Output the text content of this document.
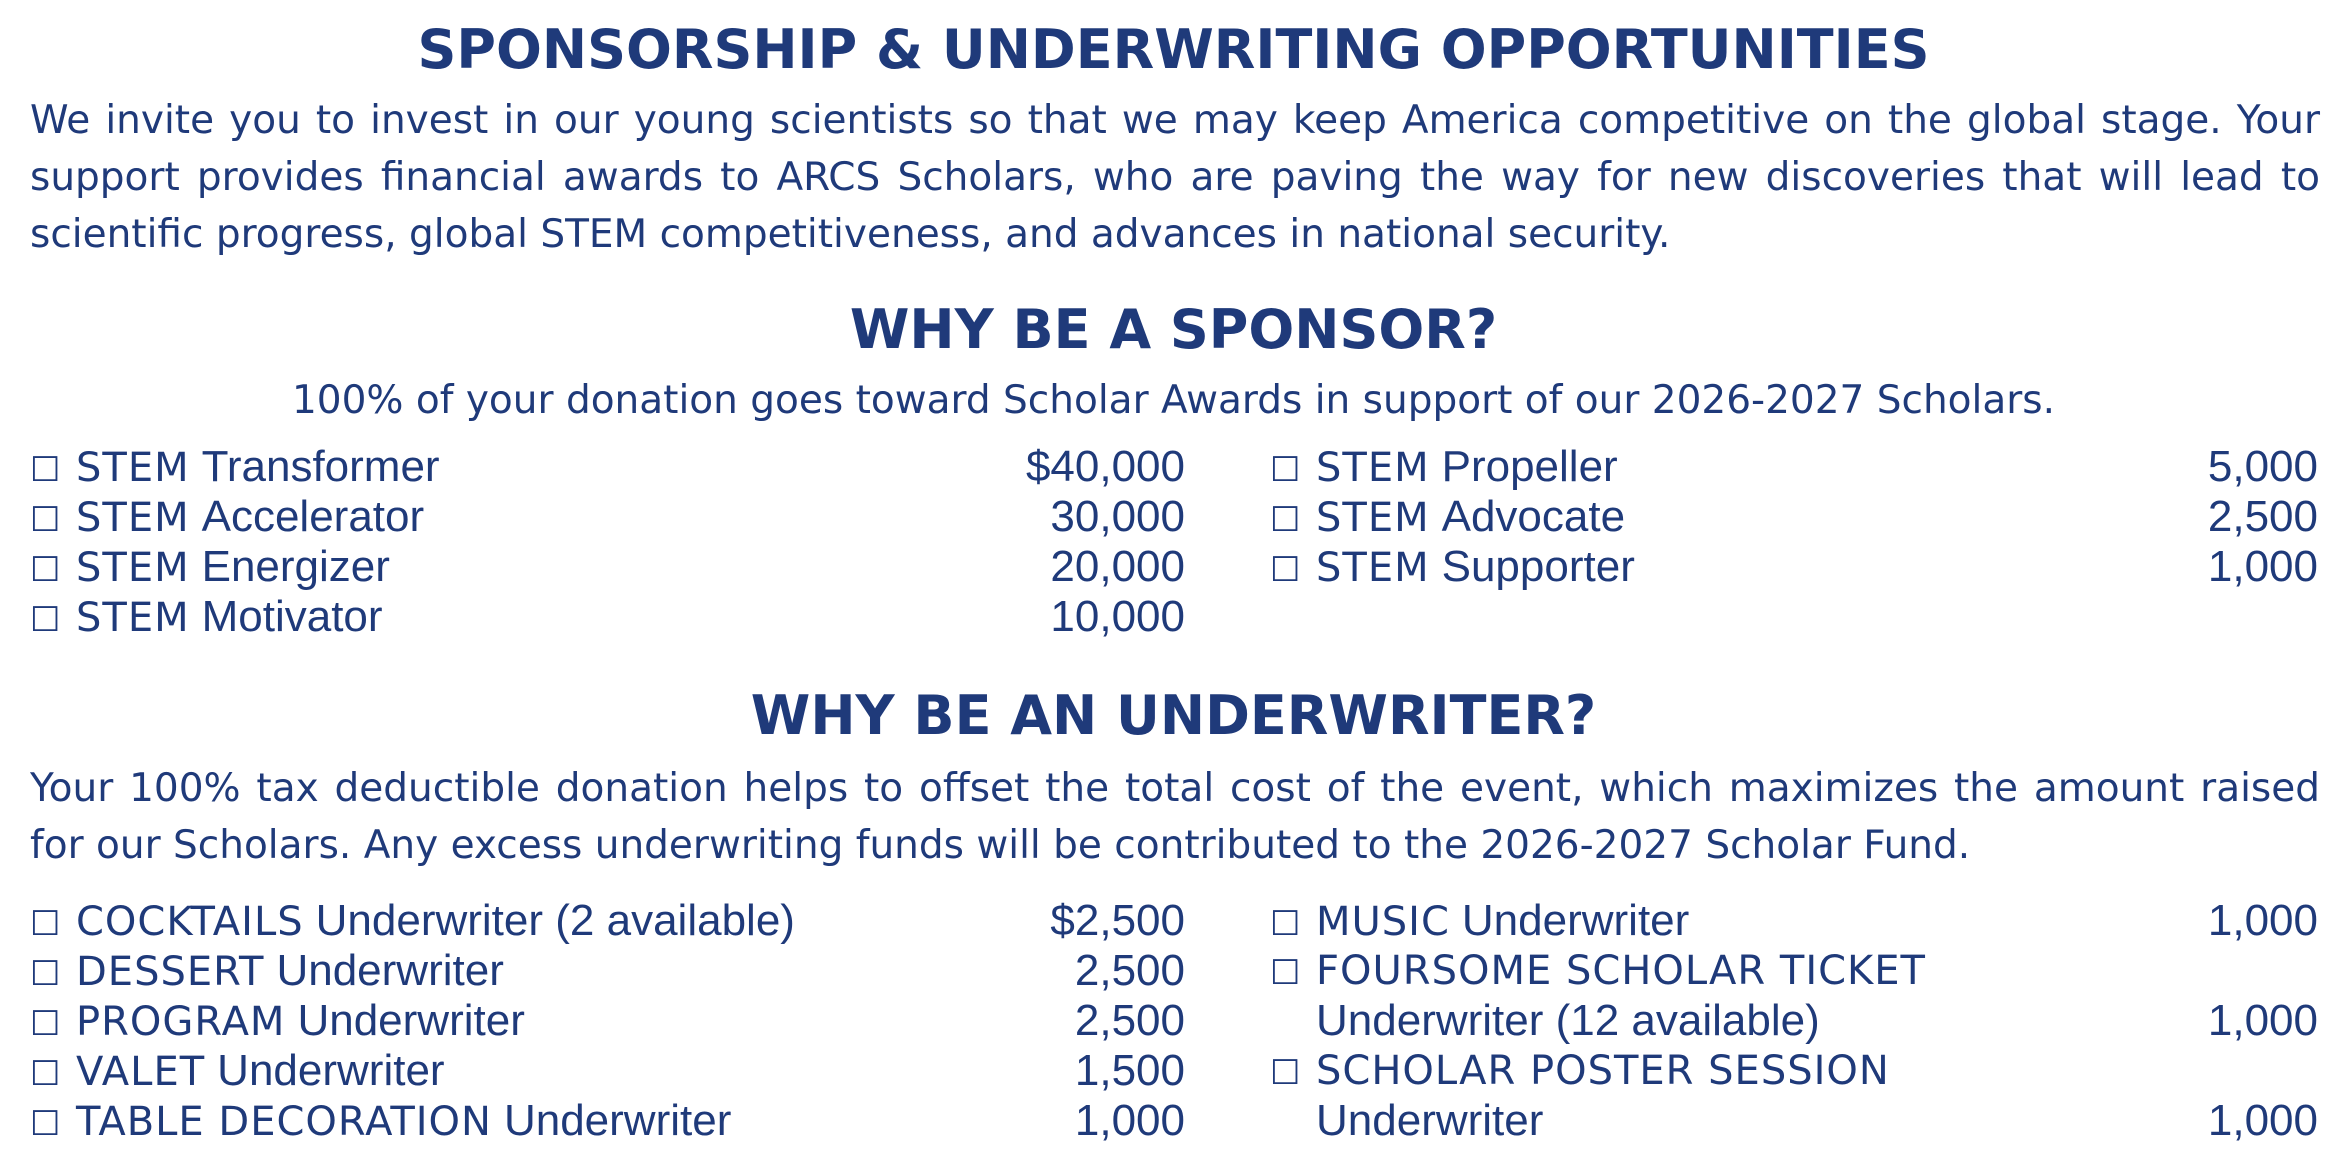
SPONSORSHIP & UNDERWRITING OPPORTUNITIES

We invite you to invest in our young scientists so that we may keep America competitive on the global stage. Your support provides financial awards to ARCS Scholars, who are paving the way for new discoveries that will lead to scientific progress, global STEM competitiveness, and advances in national security.

WHY BE A SPONSOR?
100% of your donation goes toward Scholar Awards in support of our 2026-2027 Scholars.
☐ STEM Transformer	$40,000
☐ STEM Accelerator	30,000
☐ STEM Energizer	20,000
☐ STEM Motivator	10,000
☐ STEM Propeller	5,000
☐ STEM Advocate	2,500
☐ STEM Supporter	1,000
WHY BE AN UNDERWRITER?

Your 100% tax deductible donation helps to offset the total cost of the event, which maximizes the amount raised for our Scholars. Any excess underwriting funds will be contributed to the 2026-2027 Scholar Fund.

☐ COCKTAILS Underwriter (2 available)	$2,500
☐ DESSERT Underwriter	2,500
☐ PROGRAM Underwriter	2,500
☐ VALET Underwriter	1,500
☐ TABLE DECORATION Underwriter	1,000
☐ MUSIC Underwriter	1,000
☐ FOURSOME SCHOLAR TICKET
Underwriter (12 available)	1,000
☐ SCHOLAR POSTER SESSION
Underwriter	1,000
